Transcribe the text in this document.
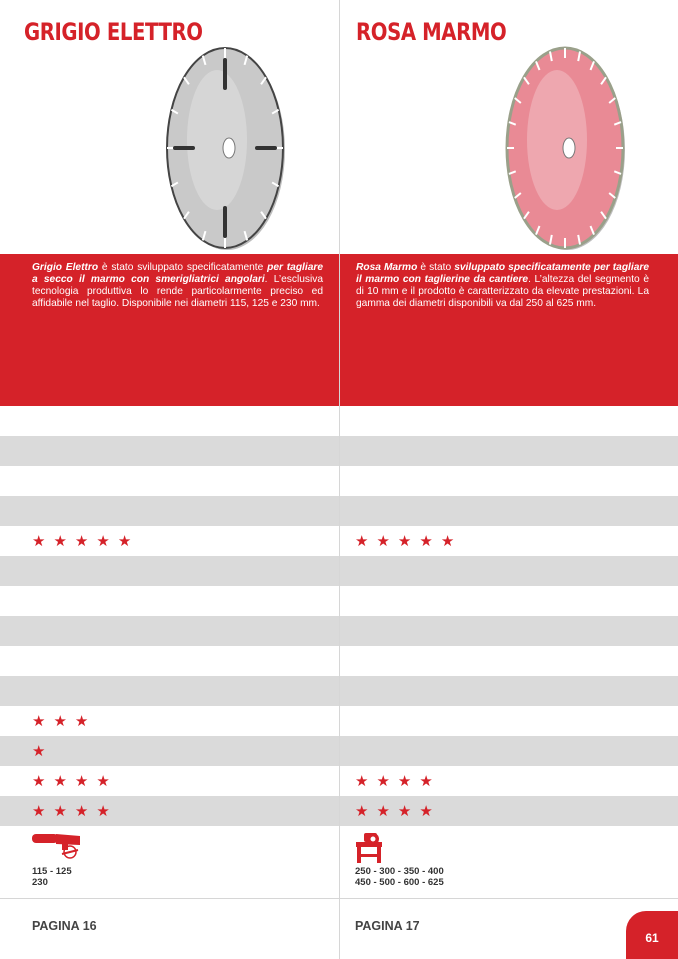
GRIGIO ELETTRO

Grigio Elettro è stato sviluppato specificatamente per tagliare a secco il marmo con smerigliatrici angolari. L’esclusiva tecnologia produttiva lo rende particolarmente preciso ed affidabile nel taglio. Disponibile nei diametri 115, 125 e 230 mm.

★ ★ ★ ★ ★
★ ★ ★
★
★ ★ ★ ★
★ ★ ★ ★
115 - 125
230
PAGINA 16
ROSA MARMO

Rosa Marmo è stato sviluppato specificatamente per tagliare il marmo con taglierine da cantiere. L’altezza del segmento è di 10 mm e il prodotto è caratterizzato da elevate prestazioni. La gamma dei diametri disponibili va dal 250 al 625 mm.

★ ★ ★ ★ ★
★ ★ ★ ★
★ ★ ★ ★
250 - 300 - 350 - 400
450 - 500 - 600 - 625
PAGINA 17
61
